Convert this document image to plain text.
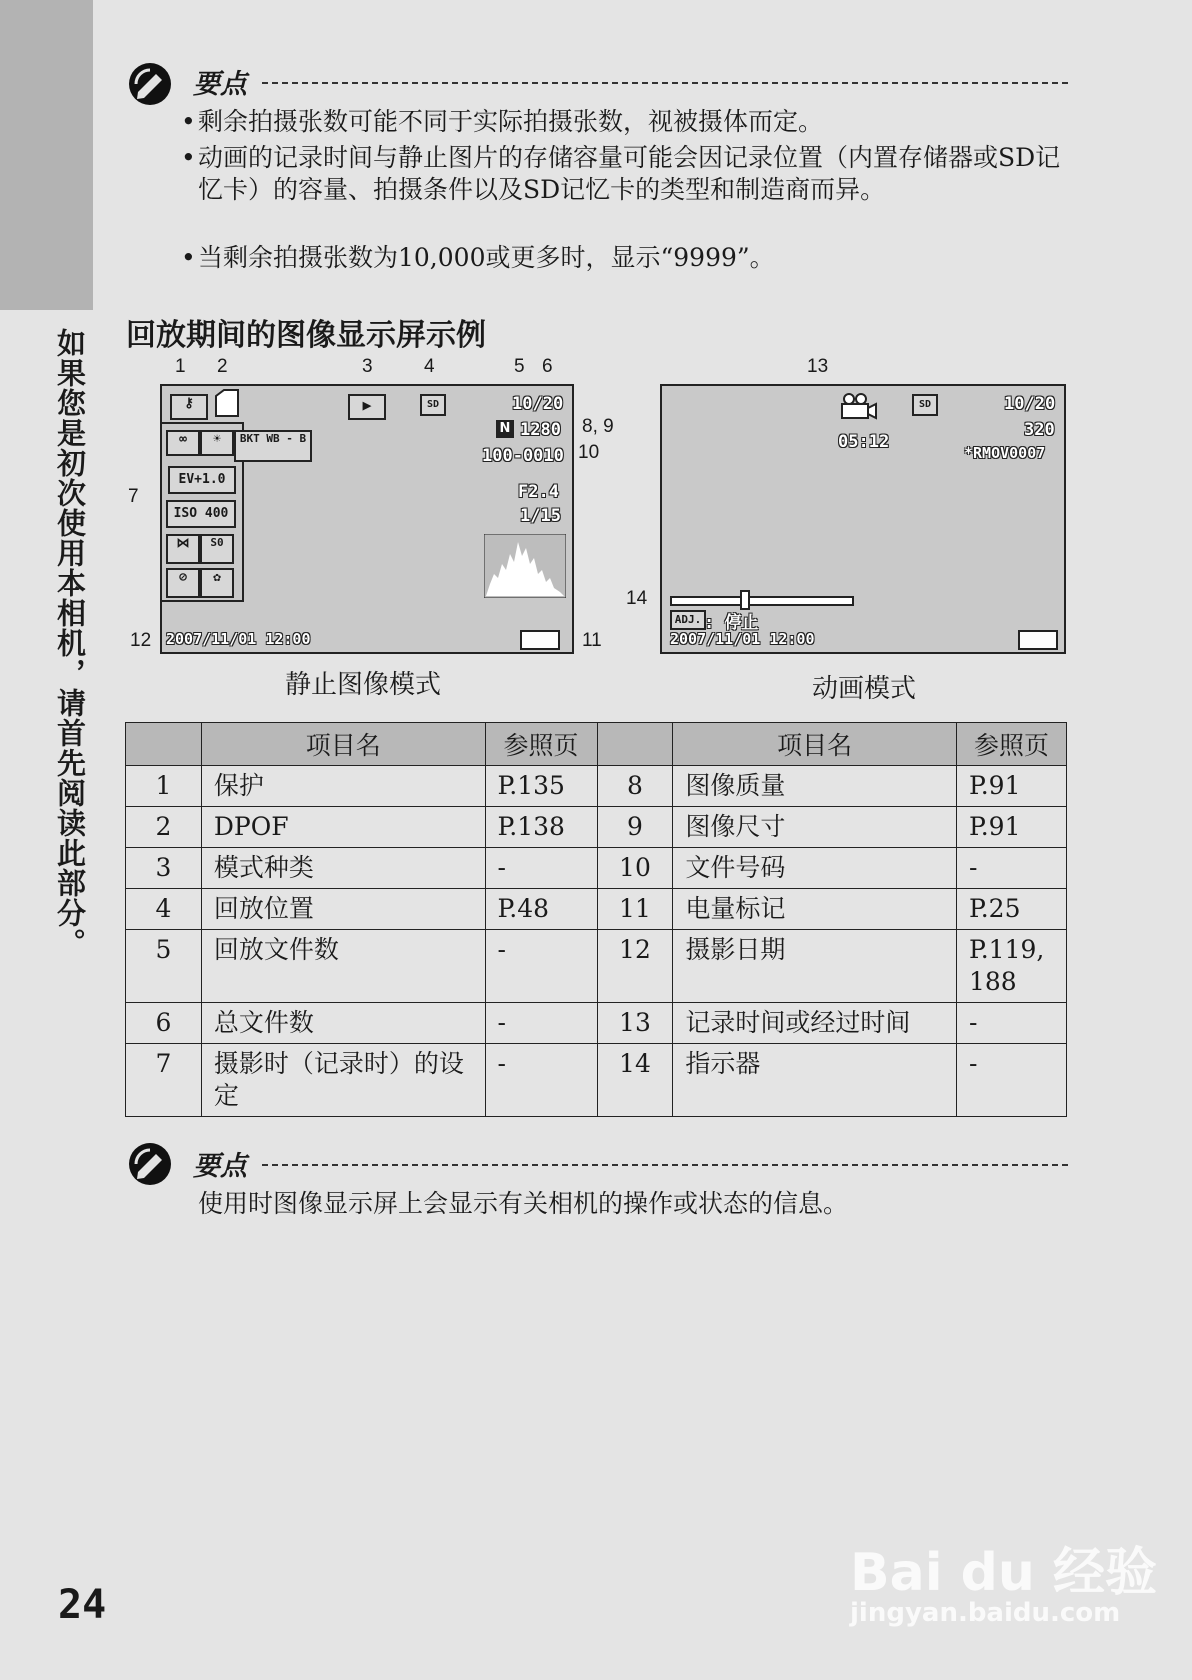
如果您是初次使用本相机，请首先阅读此部分。
24
要点
• 剩余拍摄张数可能不同于实际拍摄张数，视被摄体而定。
• 动画的记录时间与静止图片的存储容量可能会因记录位置（内置存储器或SD记忆卡）的容量、拍摄条件以及SD记忆卡的类型和制造商而异。
• 当剩余拍摄张数为10,000或更多时，显示“9999”。
回放期间的图像显示屏示例
⚷	▶	SD	10/20
N 1280
100-0010
F2.4
1/15
∞	☀	BKT WB - B
EV+1.0
ISO 400
⋈	S0
⊘	✿
2007/11/01 12:00
1 2	3	4	5 6
8, 9
10
7
11
12
静止图像模式
SD	10/20
320
*RMOV0007
05:12
ADJ. : 停止
2007/11/01 12:00
13
14
动画模式
	项目名	参照页		项目名	参照页
1	保护	P.135	8	图像质量	P.91
2	DPOF	P.138	9	图像尺寸	P.91
3	模式种类	-	10	文件号码	-
4	回放位置	P.48	11	电量标记	P.25
5	回放文件数	-	12	摄影日期	P.119, 188
6	总文件数	-	13	记录时间或经过时间	-
7	摄影时（记录时）的设定	-	14	指示器	-
要点
使用时图像显示屏上会显示有关相机的操作或状态的信息。
Bai du 经验
jingyan.baidu.com
